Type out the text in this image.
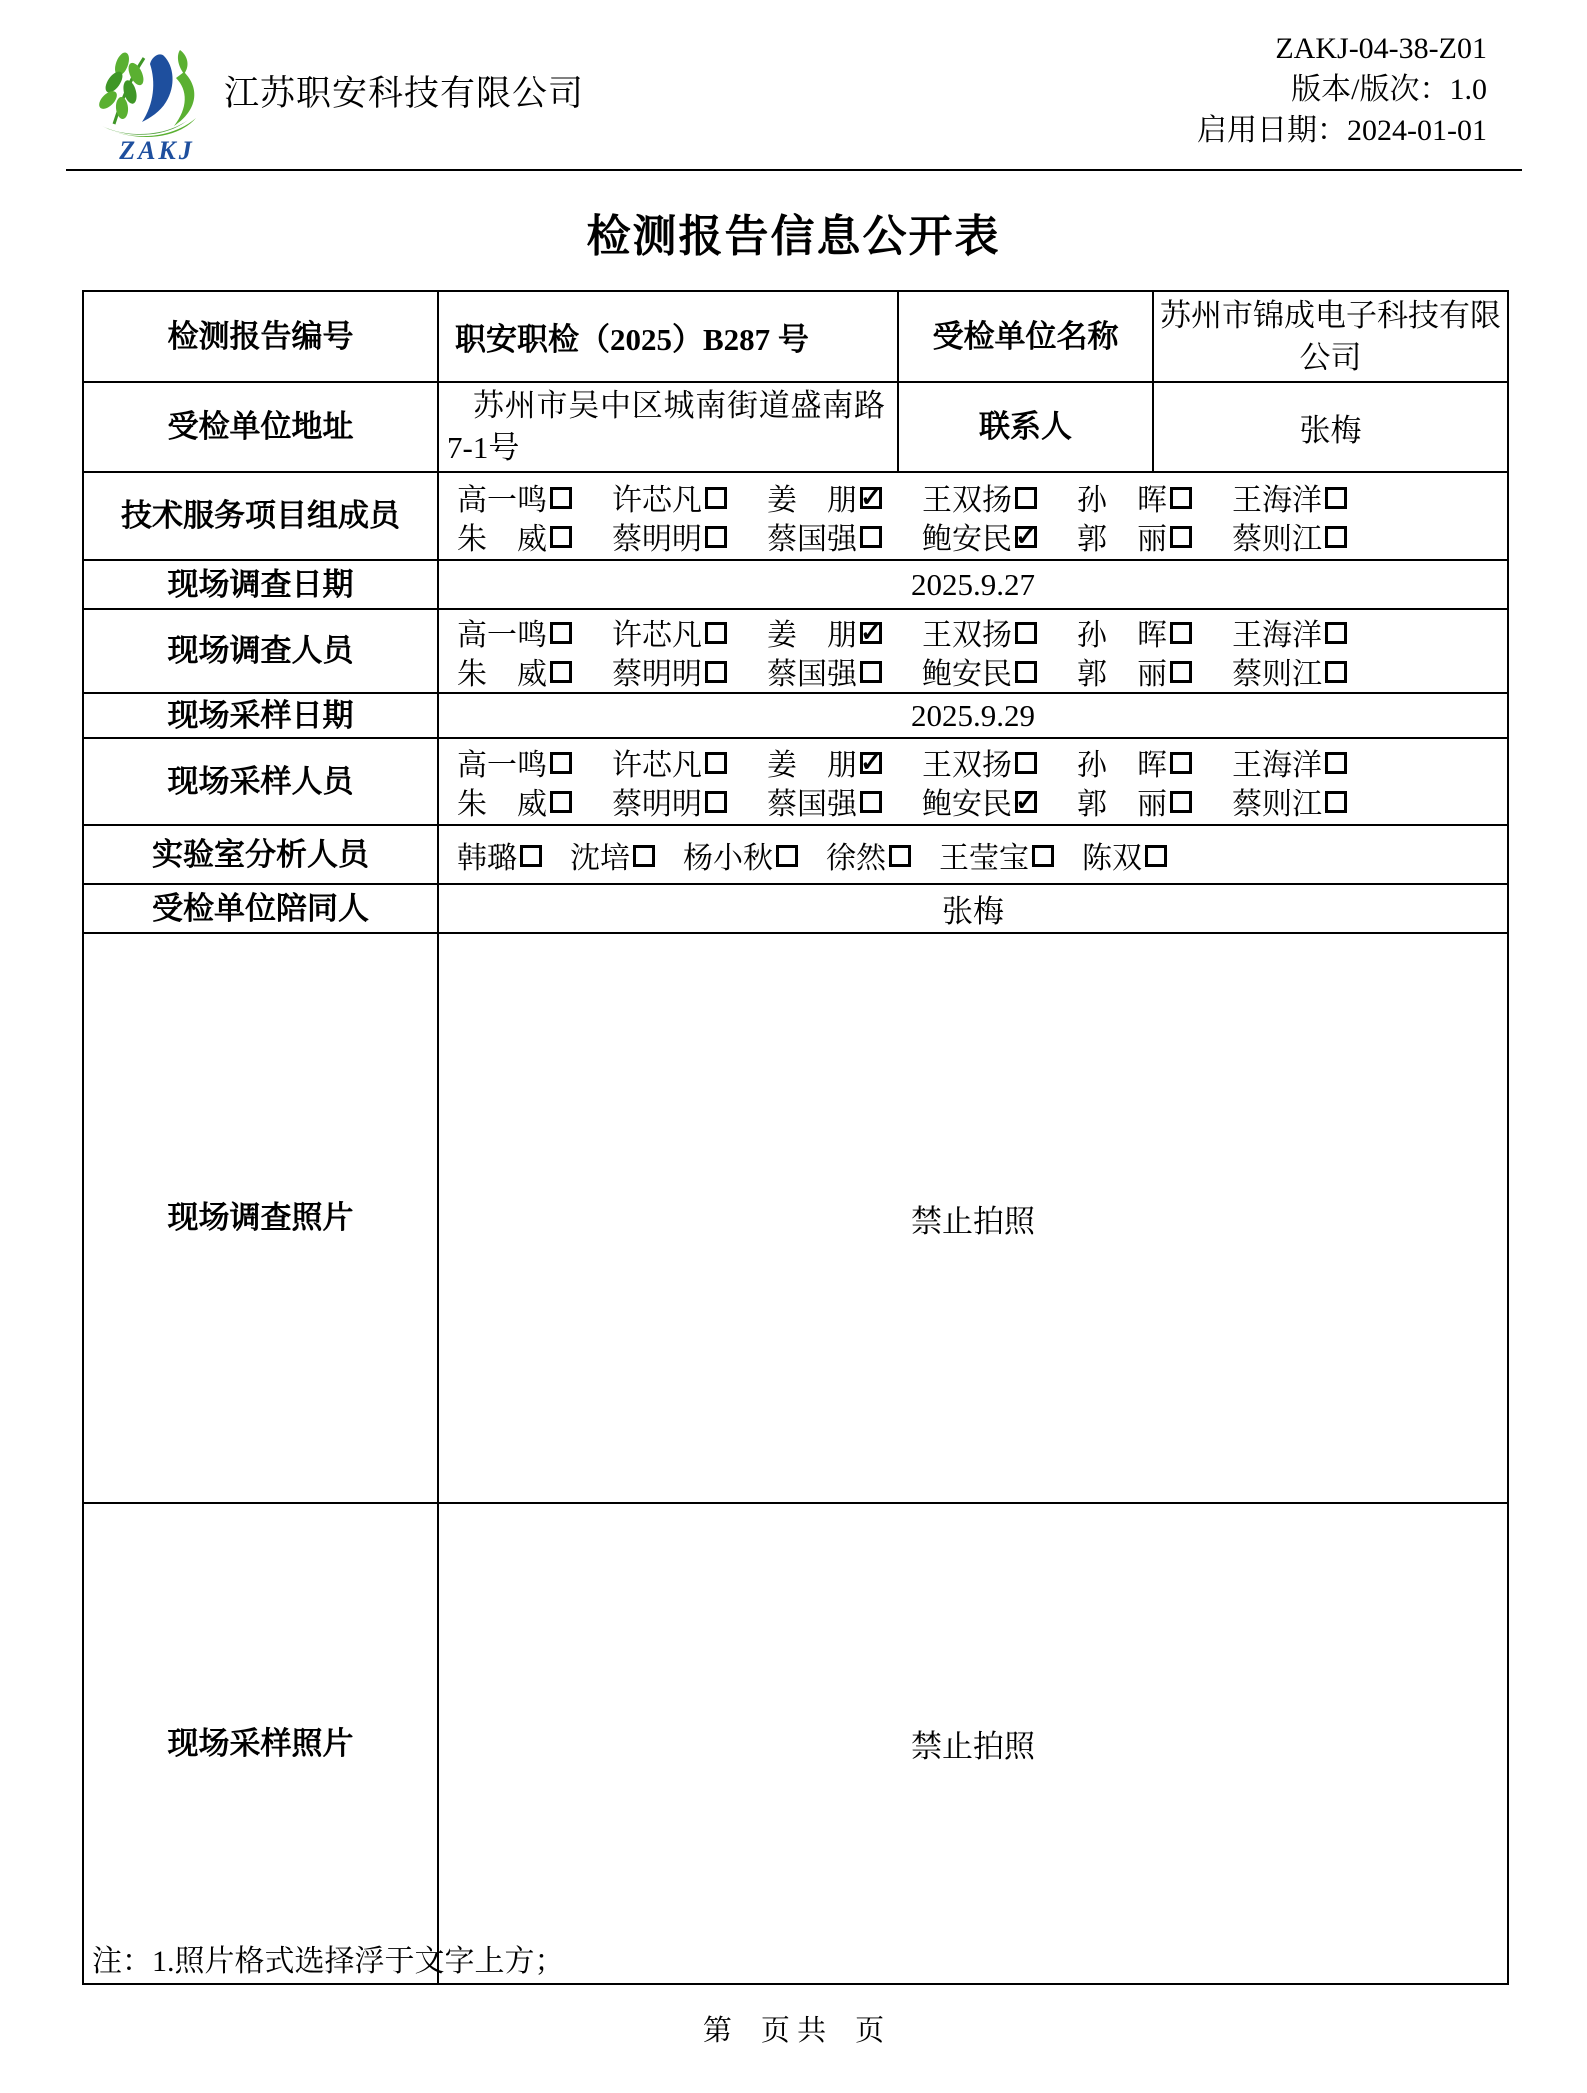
ZAKJ
江苏职安科技有限公司
ZAKJ-04-38-Z01
版本/版次：1.0
启用日期：2024-01-01
检测报告信息公开表
检测报告编号	职安职检（2025）B287 号	受检单位名称	苏州市锦成电子科技有限公司
受检单位地址	苏州市吴中区城南街道盛南路7-1号	联系人	张梅
技术服务项目组成员	高一鸣 许芯凡 姜　朋 ✓ 王双扬 孙　晖 王海洋
朱　威 蔡明明 蔡国强 鲍安民 ✓ 郭　丽 蔡则江

现场调查日期	2025.9.27		
现场调查人员	高一鸣 许芯凡 姜　朋 ✓ 王双扬 孙　晖 王海洋
朱　威 蔡明明 蔡国强 鲍安民 郭　丽 蔡则江

现场采样日期	2025.9.29		
现场采样人员	高一鸣 许芯凡 姜　朋 ✓ 王双扬 孙　晖 王海洋
朱　威 蔡明明 蔡国强 鲍安民 ✓ 郭　丽 蔡则江

实验室分析人员	韩璐 沈培 杨小秋 徐然 王莹宝 陈双

受检单位陪同人	张梅		
现场调查照片	禁止拍照		
现场采样照片	禁止拍照		
注：1.照片格式选择浮于文字上方；
第　页 共　页
